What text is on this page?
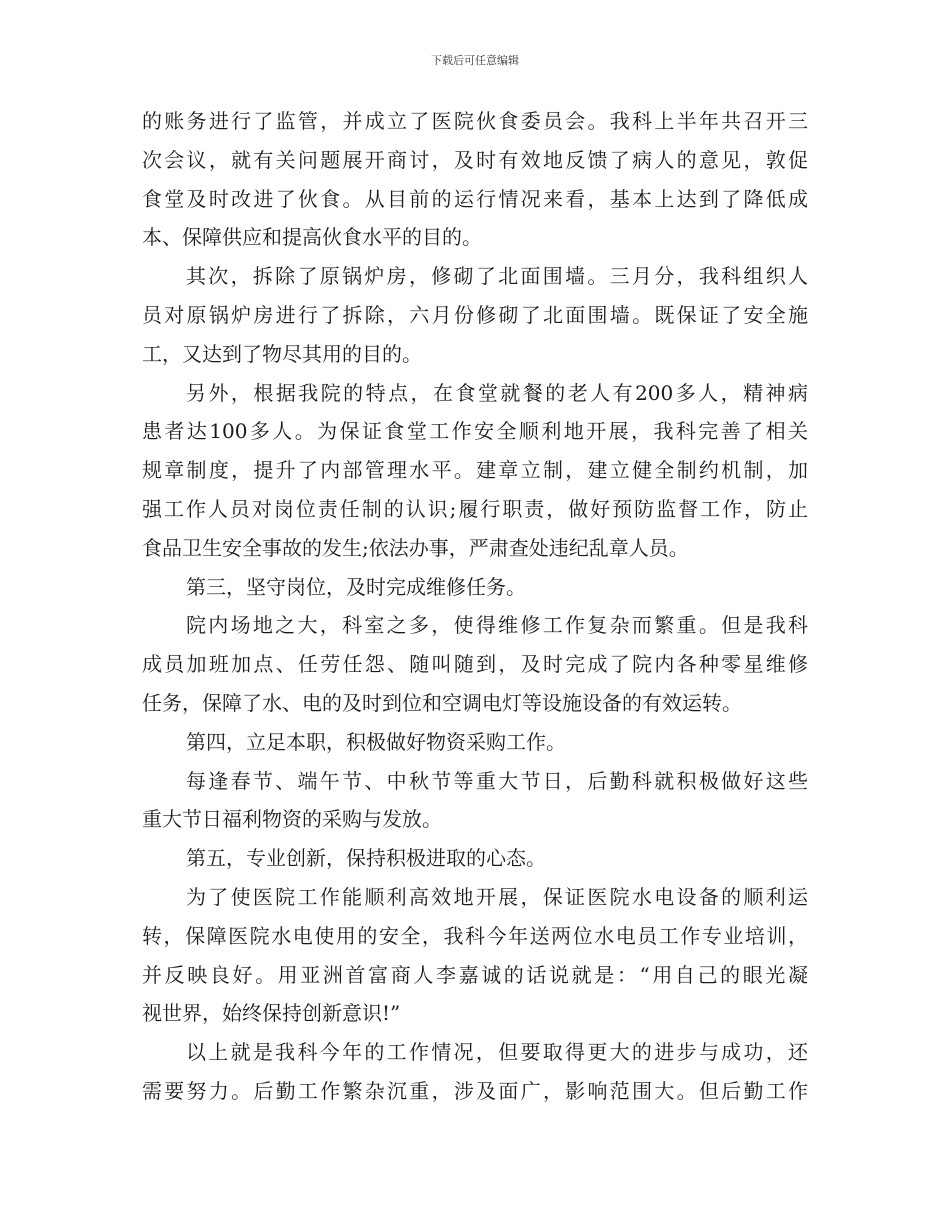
下载后可任意编辑
的账务进行了监管，并成立了医院伙食委员会。我科上半年共召开三
次会议，就有关问题展开商讨，及时有效地反馈了病人的意见，敦促
食堂及时改进了伙食。从目前的运行情况来看，基本上达到了降低成
本、保障供应和提高伙食水平的目的。
其次，拆除了原锅炉房，修砌了北面围墙。三月分，我科组织人
员对原锅炉房进行了拆除，六月份修砌了北面围墙。既保证了安全施
工，又达到了物尽其用的目的。
另外，根据我院的特点，在食堂就餐的老人有200多人，精神病
患者达100多人。为保证食堂工作安全顺利地开展，我科完善了相关
规章制度，提升了内部管理水平。建章立制，建立健全制约机制，加
强工作人员对岗位责任制的认识;履行职责，做好预防监督工作，防止
食品卫生安全事故的发生;依法办事，严肃查处违纪乱章人员。
第三，坚守岗位，及时完成维修任务。
院内场地之大，科室之多，使得维修工作复杂而繁重。但是我科
成员加班加点、任劳任怨、随叫随到，及时完成了院内各种零星维修
任务，保障了水、电的及时到位和空调电灯等设施设备的有效运转。
第四，立足本职，积极做好物资采购工作。
每逢春节、端午节、中秋节等重大节日，后勤科就积极做好这些
重大节日福利物资的采购与发放。
第五，专业创新，保持积极进取的心态。
为了使医院工作能顺利高效地开展，保证医院水电设备的顺利运
转，保障医院水电使用的安全，我科今年送两位水电员工作专业培训，
并反映良好。用亚洲首富商人李嘉诚的话说就是：“用自己的眼光凝
视世界，始终保持创新意识!”
以上就是我科今年的工作情况，但要取得更大的进步与成功，还
需要努力。后勤工作繁杂沉重，涉及面广，影响范围大。但后勤工作
